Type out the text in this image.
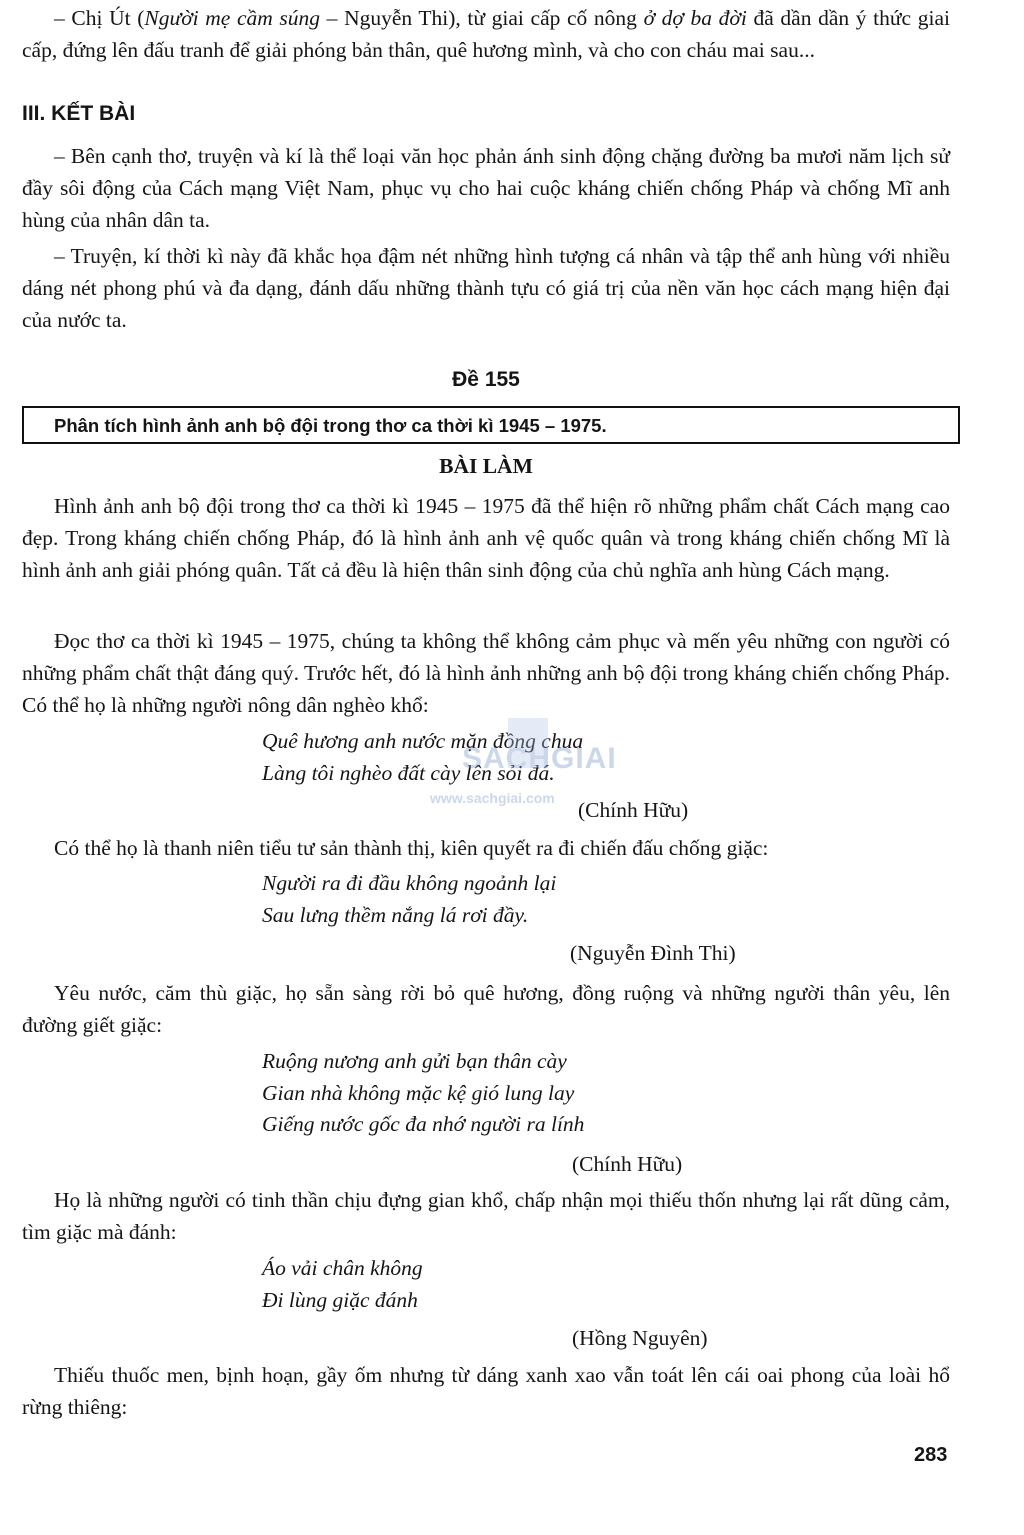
– Chị Út (Người mẹ cầm súng – Nguyễn Thi), từ giai cấp cố nông ở dợ ba đời đã dần dần ý thức giai cấp, đứng lên đấu tranh để giải phóng bản thân, quê hương mình, và cho con cháu mai sau...

III. KẾT BÀI

– Bên cạnh thơ, truyện và kí là thể loại văn học phản ánh sinh động chặng đường ba mươi năm lịch sử đầy sôi động của Cách mạng Việt Nam, phục vụ cho hai cuộc kháng chiến chống Pháp và chống Mĩ anh hùng của nhân dân ta.

– Truyện, kí thời kì này đã khắc họa đậm nét những hình tượng cá nhân và tập thể anh hùng với nhiều dáng nét phong phú và đa dạng, đánh dấu những thành tựu có giá trị của nền văn học cách mạng hiện đại của nước ta.

Đề 155

Phân tích hình ảnh anh bộ đội trong thơ ca thời kì 1945 – 1975.

BÀI LÀM

Hình ảnh anh bộ đội trong thơ ca thời kì 1945 – 1975 đã thể hiện rõ những phẩm chất Cách mạng cao đẹp. Trong kháng chiến chống Pháp, đó là hình ảnh anh vệ quốc quân và trong kháng chiến chống Mĩ là hình ảnh anh giải phóng quân. Tất cả đều là hiện thân sinh động của chủ nghĩa anh hùng Cách mạng.

Đọc thơ ca thời kì 1945 – 1975, chúng ta không thể không cảm phục và mến yêu những con người có những phẩm chất thật đáng quý. Trước hết, đó là hình ảnh những anh bộ đội trong kháng chiến chống Pháp. Có thể họ là những người nông dân nghèo khổ:

Quê hương anh nước mặn đồng chua
Làng tôi nghèo đất cày lên sỏi đá.

(Chính Hữu)

Có thể họ là thanh niên tiểu tư sản thành thị, kiên quyết ra đi chiến đấu chống giặc:

Người ra đi đầu không ngoảnh lại
Sau lưng thềm nắng lá rơi đầy.

(Nguyễn Đình Thi)

Yêu nước, căm thù giặc, họ sẵn sàng rời bỏ quê hương, đồng ruộng và những người thân yêu, lên đường giết giặc:

Ruộng nương anh gửi bạn thân cày
Gian nhà không mặc kệ gió lung lay
Giếng nước gốc đa nhớ người ra lính

(Chính Hữu)

Họ là những người có tinh thần chịu đựng gian khổ, chấp nhận mọi thiếu thốn nhưng lại rất dũng cảm, tìm giặc mà đánh:

Áo vải chân không
Đi lùng giặc đánh

(Hồng Nguyên)

Thiếu thuốc men, bịnh hoạn, gầy ốm nhưng từ dáng xanh xao vẫn toát lên cái oai phong của loài hổ rừng thiêng:

283

SACHGIAI
www.sachgiai.com
